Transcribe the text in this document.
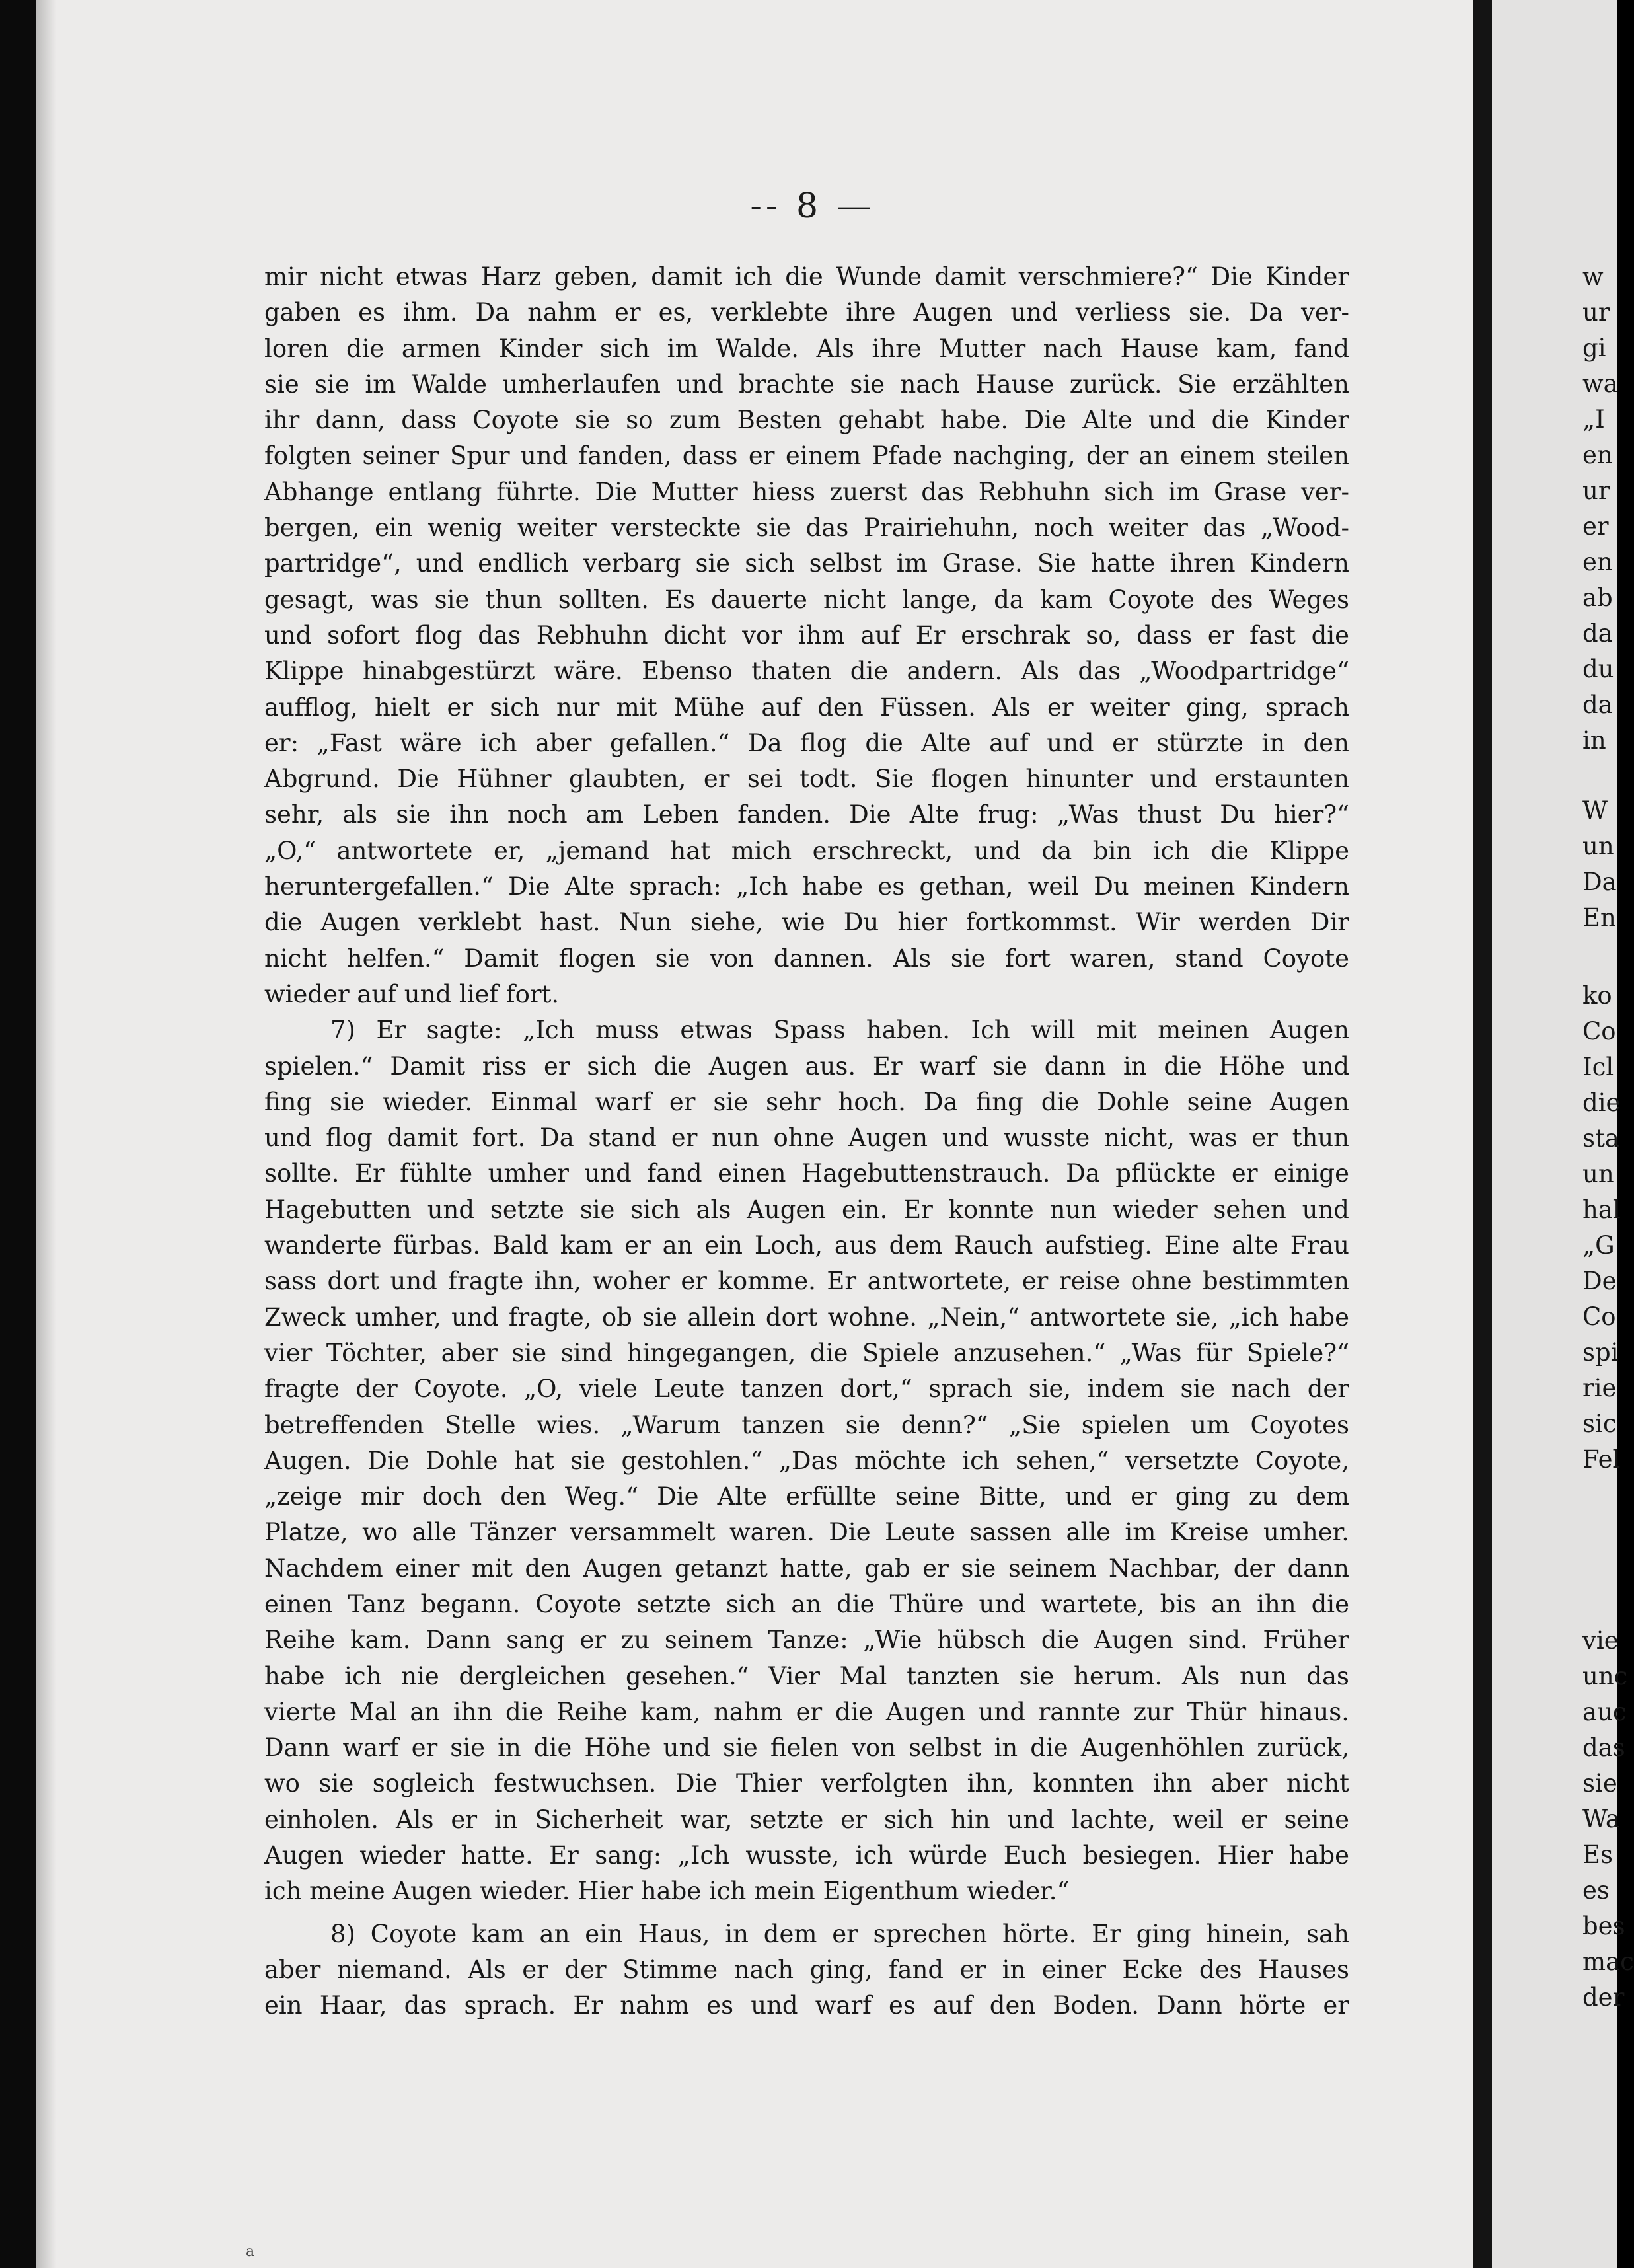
-- 8 —
mir nicht etwas Harz geben, damit ich die Wunde damit verschmiere?“ Die Kinder
gaben es ihm. Da nahm er es, verklebte ihre Augen und verliess sie. Da ver-
loren die armen Kinder sich im Walde. Als ihre Mutter nach Hause kam, fand
sie sie im Walde umherlaufen und brachte sie nach Hause zurück. Sie erzählten
ihr dann, dass Coyote sie so zum Besten gehabt habe. Die Alte und die Kinder
folgten seiner Spur und fanden, dass er einem Pfade nachging, der an einem steilen
Abhange entlang führte. Die Mutter hiess zuerst das Rebhuhn sich im Grase ver-
bergen, ein wenig weiter versteckte sie das Prairiehuhn, noch weiter das „Wood-
partridge“, und endlich verbarg sie sich selbst im Grase. Sie hatte ihren Kindern
gesagt, was sie thun sollten. Es dauerte nicht lange, da kam Coyote des Weges
und sofort flog das Rebhuhn dicht vor ihm auf Er erschrak so, dass er fast die
Klippe hinabgestürzt wäre. Ebenso thaten die andern. Als das „Woodpartridge“
aufflog, hielt er sich nur mit Mühe auf den Füssen. Als er weiter ging, sprach
er: „Fast wäre ich aber gefallen.“ Da flog die Alte auf und er stürzte in den
Abgrund. Die Hühner glaubten, er sei todt. Sie flogen hinunter und erstaunten
sehr, als sie ihn noch am Leben fanden. Die Alte frug: „Was thust Du hier?“
„O,“ antwortete er, „jemand hat mich erschreckt, und da bin ich die Klippe
heruntergefallen.“ Die Alte sprach: „Ich habe es gethan, weil Du meinen Kindern
die Augen verklebt hast. Nun siehe, wie Du hier fortkommst. Wir werden Dir
nicht helfen.“ Damit flogen sie von dannen. Als sie fort waren, stand Coyote
wieder auf und lief fort.
7) Er sagte: „Ich muss etwas Spass haben. Ich will mit meinen Augen
spielen.“ Damit riss er sich die Augen aus. Er warf sie dann in die Höhe und
fing sie wieder. Einmal warf er sie sehr hoch. Da fing die Dohle seine Augen
und flog damit fort. Da stand er nun ohne Augen und wusste nicht, was er thun
sollte. Er fühlte umher und fand einen Hagebuttenstrauch. Da pflückte er einige
Hagebutten und setzte sie sich als Augen ein. Er konnte nun wieder sehen und
wanderte fürbas. Bald kam er an ein Loch, aus dem Rauch aufstieg. Eine alte Frau
sass dort und fragte ihn, woher er komme. Er antwortete, er reise ohne bestimmten
Zweck umher, und fragte, ob sie allein dort wohne. „Nein,“ antwortete sie, „ich habe
vier Töchter, aber sie sind hingegangen, die Spiele anzusehen.“ „Was für Spiele?“
fragte der Coyote. „O, viele Leute tanzen dort,“ sprach sie, indem sie nach der
betreffenden Stelle wies. „Warum tanzen sie denn?“ „Sie spielen um Coyotes
Augen. Die Dohle hat sie gestohlen.“ „Das möchte ich sehen,“ versetzte Coyote,
„zeige mir doch den Weg.“ Die Alte erfüllte seine Bitte, und er ging zu dem
Platze, wo alle Tänzer versammelt waren. Die Leute sassen alle im Kreise umher.
Nachdem einer mit den Augen getanzt hatte, gab er sie seinem Nachbar, der dann
einen Tanz begann. Coyote setzte sich an die Thüre und wartete, bis an ihn die
Reihe kam. Dann sang er zu seinem Tanze: „Wie hübsch die Augen sind. Früher
habe ich nie dergleichen gesehen.“ Vier Mal tanzten sie herum. Als nun das
vierte Mal an ihn die Reihe kam, nahm er die Augen und rannte zur Thür hinaus.
Dann warf er sie in die Höhe und sie fielen von selbst in die Augenhöhlen zurück,
wo sie sogleich festwuchsen. Die Thier verfolgten ihn, konnten ihn aber nicht
einholen. Als er in Sicherheit war, setzte er sich hin und lachte, weil er seine
Augen wieder hatte. Er sang: „Ich wusste, ich würde Euch besiegen. Hier habe
ich meine Augen wieder. Hier habe ich mein Eigenthum wieder.“
8) Coyote kam an ein Haus, in dem er sprechen hörte. Er ging hinein, sah
aber niemand. Als er der Stimme nach ging, fand er in einer Ecke des Hauses
ein Haar, das sprach. Er nahm es und warf es auf den Boden. Dann hörte er
w
ur
gi
wa
„I
en
ur
er
en
ab
da
du
da
in
W
un
Da
En
ko
Co
Icl
die
sta
un
hal
„G
De
Co
spi
rie
sic
Fel
vie
unc
auc
das
sie
Wa
Es
es
bes
mac
der
a
